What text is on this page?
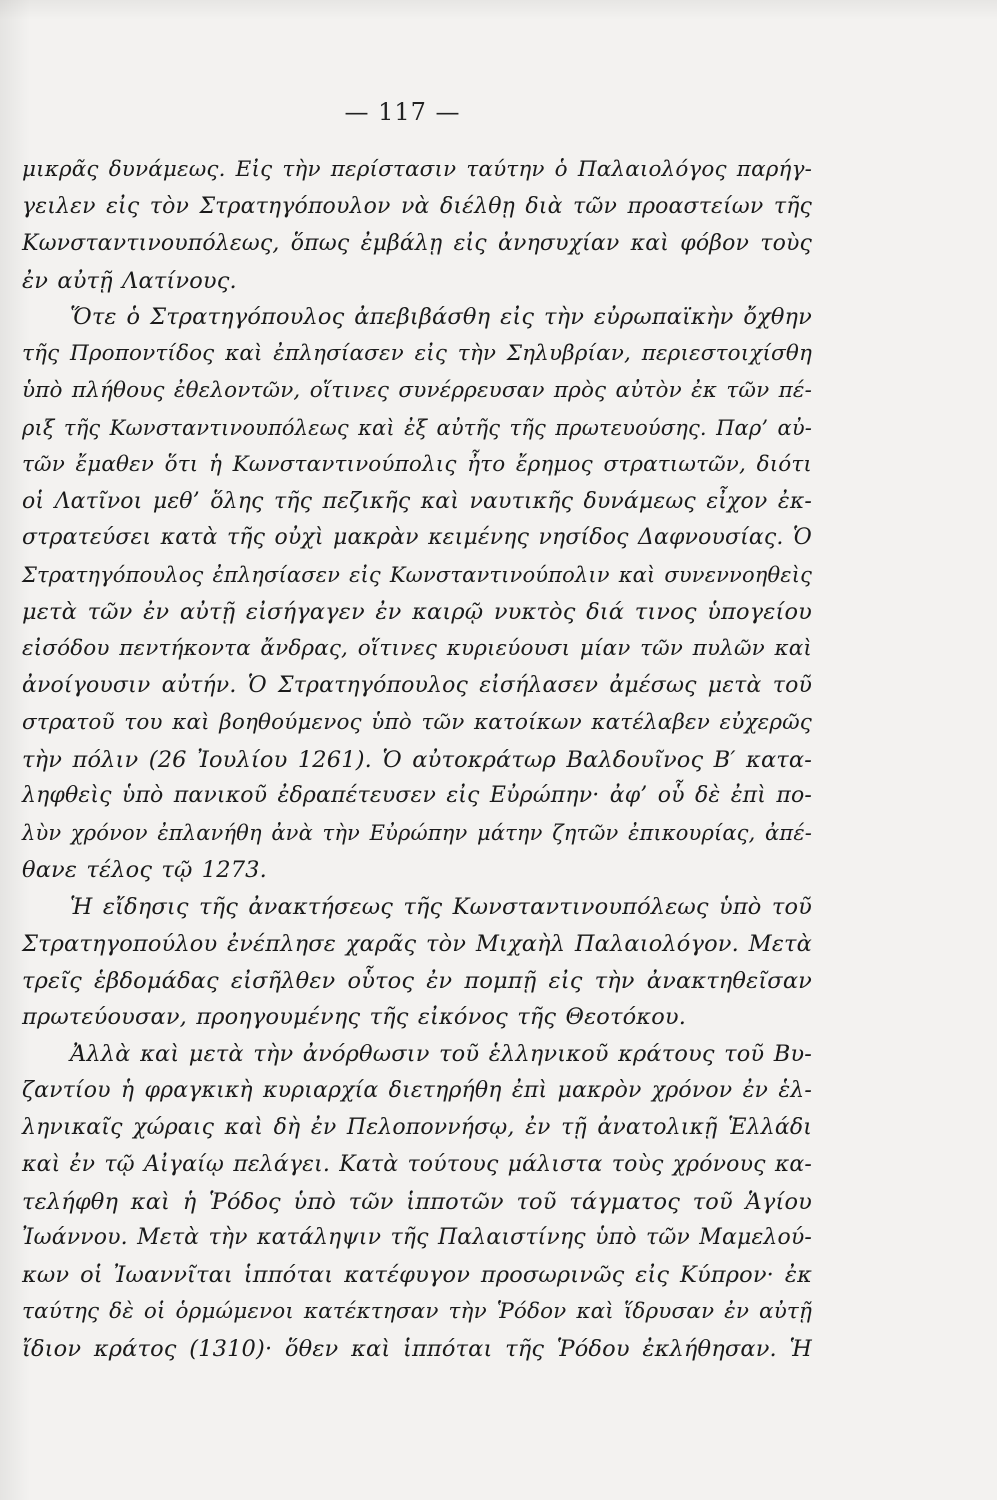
— 117 —
μικρᾶς δυνάμεως. Εἰς τὴν περίστασιν ταύτην ὁ Παλαιολόγος παρήγ-
γειλεν εἰς τὸν Στρατηγόπουλον νὰ διέλθῃ διὰ τῶν προαστείων τῆς
Κωνσταντινουπόλεως, ὅπως ἐμβάλῃ εἰς ἀνησυχίαν καὶ φόβον τοὺς
ἐν αὐτῇ Λατίνους.
Ὅτε ὁ Στρατηγόπουλος ἀπεβιβάσθη εἰς τὴν εὐρωπαϊκὴν ὄχθην
τῆς Προποντίδος καὶ ἐπλησίασεν εἰς τὴν Σηλυβρίαν, περιεστοιχίσθη
ὑπὸ πλήθους ἐθελοντῶν, οἵτινες συνέρρευσαν πρὸς αὐτὸν ἐκ τῶν πέ-
ριξ τῆς Κωνσταντινουπόλεως καὶ ἐξ αὐτῆς τῆς πρωτευούσης. Παρ’ αὐ-
τῶν ἔμαθεν ὅτι ἡ Κωνσταντινούπολις ἦτο ἔρημος στρατιωτῶν, διότι
οἱ Λατῖνοι μεθ’ ὅλης τῆς πεζικῆς καὶ ναυτικῆς δυνάμεως εἶχον ἐκ-
στρατεύσει κατὰ τῆς οὐχὶ μακρὰν κειμένης νησίδος Δαφνουσίας. Ὁ
Στρατηγόπουλος ἐπλησίασεν εἰς Κωνσταντινούπολιν καὶ συνεννοηθεὶς
μετὰ τῶν ἐν αὐτῇ εἰσήγαγεν ἐν καιρῷ νυκτὸς διά τινος ὑπογείου
εἰσόδου πεντήκοντα ἄνδρας, οἵτινες κυριεύουσι μίαν τῶν πυλῶν καὶ
ἀνοίγουσιν αὐτήν. Ὁ Στρατηγόπουλος εἰσήλασεν ἀμέσως μετὰ τοῦ
στρατοῦ του καὶ βοηθούμενος ὑπὸ τῶν κατοίκων κατέλαβεν εὐχερῶς
τὴν πόλιν (26 Ἰουλίου 1261). Ὁ αὐτοκράτωρ Βαλδουῖνος Β′ κατα-
ληφθεὶς ὑπὸ πανικοῦ ἐδραπέτευσεν εἰς Εὐρώπην· ἀφ’ οὗ δὲ ἐπὶ πο-
λὺν χρόνον ἐπλανήθη ἀνὰ τὴν Εὐρώπην μάτην ζητῶν ἐπικουρίας, ἀπέ-
θανε τέλος τῷ 1273.
Ἡ εἴδησις τῆς ἀνακτήσεως τῆς Κωνσταντινουπόλεως ὑπὸ τοῦ
Στρατηγοπούλου ἐνέπλησε χαρᾶς τὸν Μιχαὴλ Παλαιολόγον. Μετὰ
τρεῖς ἑβδομάδας εἰσῆλθεν οὗτος ἐν πομπῇ εἰς τὴν ἀνακτηθεῖσαν
πρωτεύουσαν, προηγουμένης τῆς εἰκόνος τῆς Θεοτόκου.
Ἀλλὰ καὶ μετὰ τὴν ἀνόρθωσιν τοῦ ἑλληνικοῦ κράτους τοῦ Βυ-
ζαντίου ἡ φραγκικὴ κυριαρχία διετηρήθη ἐπὶ μακρὸν χρόνον ἐν ἑλ-
ληνικαῖς χώραις καὶ δὴ ἐν Πελοποννήσῳ, ἐν τῇ ἀνατολικῇ Ἑλλάδι
καὶ ἐν τῷ Αἰγαίῳ πελάγει. Κατὰ τούτους μάλιστα τοὺς χρόνους κα-
τελήφθη καὶ ἡ Ῥόδος ὑπὸ τῶν ἱπποτῶν τοῦ τάγματος τοῦ Ἁγίου
Ἰωάννου. Μετὰ τὴν κατάληψιν τῆς Παλαιστίνης ὑπὸ τῶν Μαμελού-
κων οἱ Ἰωαννῖται ἱππόται κατέφυγον προσωρινῶς εἰς Κύπρον· ἐκ
ταύτης δὲ οἱ ὁρμώμενοι κατέκτησαν τὴν Ῥόδον καὶ ἵδρυσαν ἐν αὐτῇ
ἴδιον κράτος (1310)· ὅθεν καὶ ἱππόται τῆς Ῥόδου ἐκλήθησαν. Ἡ
